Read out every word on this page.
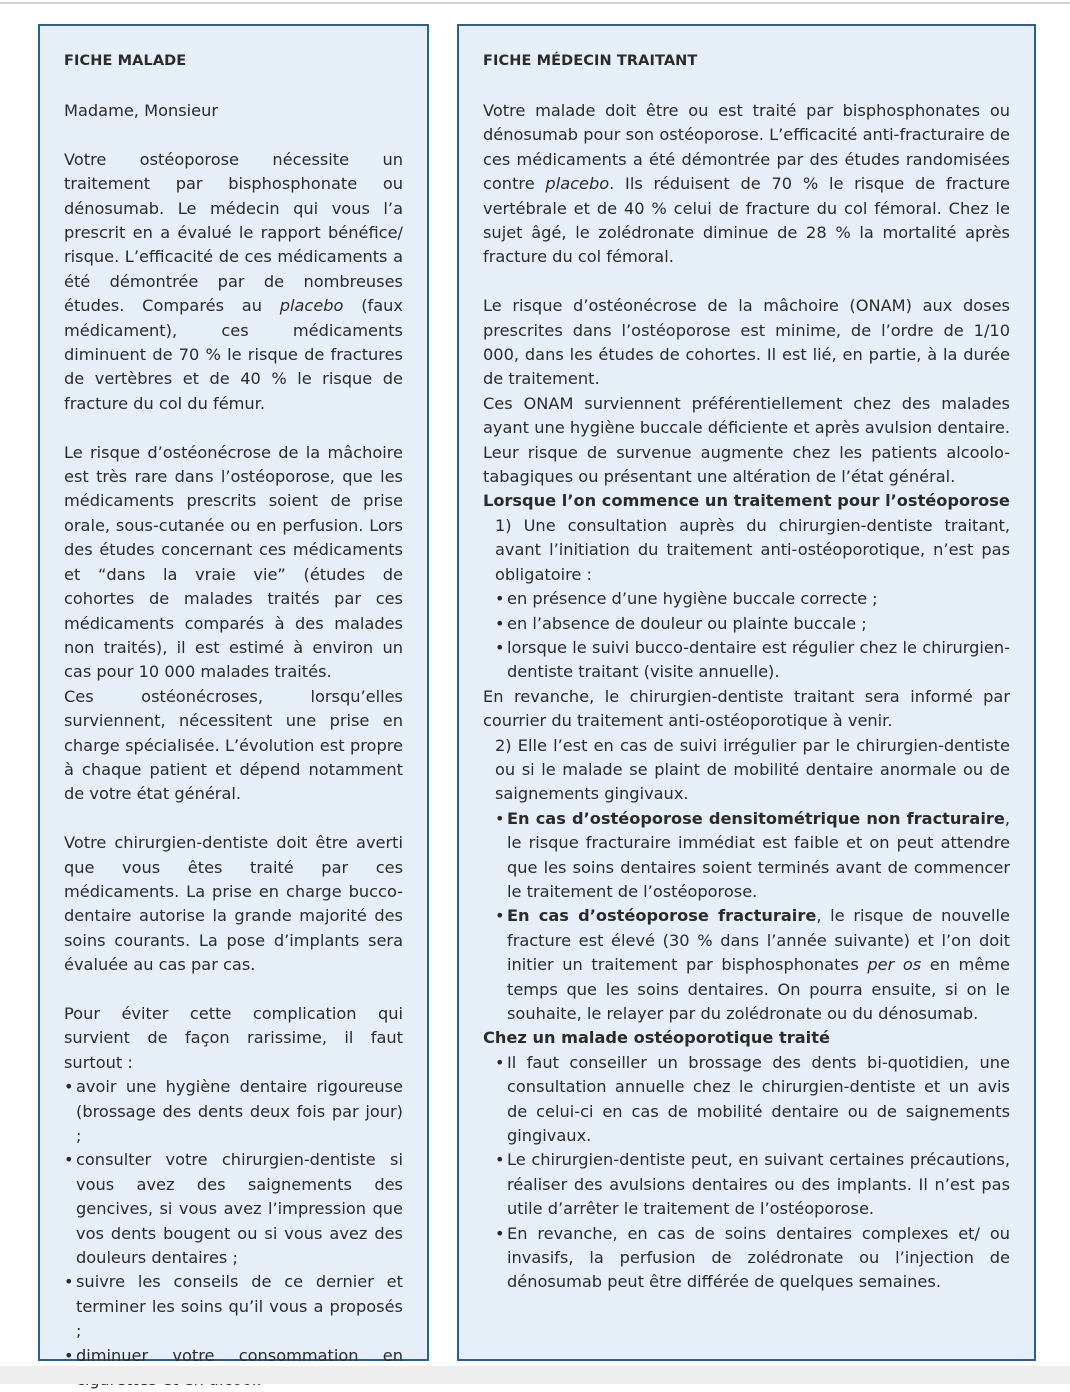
FICHE MALADE

Madame, Monsieur

Votre ostéoporose nécessite un traitement par bisphosphonate ou dénosumab. Le médecin qui vous l’a prescrit en a évalué le rapport bénéfice/ risque. L’efficacité de ces médicaments a été démontrée par de nombreuses études. Comparés au placebo (faux médicament), ces médicaments diminuent de 70 % le risque de fractures de vertèbres et de 40 % le risque de fracture du col du fémur.

Le risque d’ostéonécrose de la mâchoire est très rare dans l’ostéoporose, que les médicaments prescrits soient de prise orale, sous-cutanée ou en perfusion. Lors des études concernant ces médicaments et “dans la vraie vie” (études de cohortes de malades traités par ces médicaments comparés à des malades non traités), il est estimé à environ un cas pour 10 000 malades traités.

Ces ostéonécroses, lorsqu’elles surviennent, nécessitent une prise en charge spécialisée. L’évolution est propre à chaque patient et dépend notamment de votre état général.

Votre chirurgien-dentiste doit être averti que vous êtes traité par ces médicaments. La prise en charge bucco-dentaire autorise la grande majorité des soins courants. La pose d’implants sera évaluée au cas par cas.

Pour éviter cette complication qui survient de façon rarissime, il faut surtout :

• avoir une hygiène dentaire rigoureuse (brossage des dents deux fois par jour) ;
• consulter votre chirurgien-dentiste si vous avez des saignements des gencives, si vous avez l’impression que vos dents bougent ou si vous avez des douleurs dentaires ;
• suivre les conseils de ce dernier et terminer les soins qu’il vous a proposés ;
• diminuer votre consommation en
FICHE MÉDECIN TRAITANT

Votre malade doit être ou est traité par bisphosphonates ou dénosumab pour son ostéoporose. L’efficacité anti-fracturaire de ces médicaments a été démontrée par des études randomisées contre placebo. Ils réduisent de 70 % le risque de fracture vertébrale et de 40 % celui de fracture du col fémoral. Chez le sujet âgé, le zolédronate diminue de 28 % la mortalité après fracture du col fémoral.

Le risque d’ostéonécrose de la mâchoire (ONAM) aux doses prescrites dans l’ostéoporose est minime, de l’ordre de 1/10 000, dans les études de cohortes. Il est lié, en partie, à la durée de traitement.

Ces ONAM surviennent préférentiellement chez des malades ayant une hygiène buccale déficiente et après avulsion dentaire. Leur risque de survenue augmente chez les patients alcoolo-tabagiques ou présentant une altération de l’état général.

Lorsque l’on commence un traitement pour l’ostéoporose

1) Une consultation auprès du chirurgien-dentiste traitant, avant l’initiation du traitement anti-ostéoporotique, n’est pas obligatoire :

• en présence d’une hygiène buccale correcte ;
• en l’absence de douleur ou plainte buccale ;
• lorsque le suivi bucco-dentaire est régulier chez le chirurgien-dentiste traitant (visite annuelle).

En revanche, le chirurgien-dentiste traitant sera informé par courrier du traitement anti-ostéoporotique à venir.

2) Elle l’est en cas de suivi irrégulier par le chirurgien-dentiste ou si le malade se plaint de mobilité dentaire anormale ou de saignements gingivaux.

• En cas d’ostéoporose densitométrique non fracturaire, le risque fracturaire immédiat est faible et on peut attendre que les soins dentaires soient terminés avant de commencer le traitement de l’ostéoporose.
• En cas d’ostéoporose fracturaire, le risque de nouvelle fracture est élevé (30 % dans l’année suivante) et l’on doit initier un traitement par bisphosphonates per os en même temps que les soins dentaires. On pourra ensuite, si on le souhaite, le relayer par du zolédronate ou du dénosumab.

Chez un malade ostéoporotique traité

• Il faut conseiller un brossage des dents bi-quotidien, une consultation annuelle chez le chirurgien-dentiste et un avis de celui-ci en cas de mobilité dentaire ou de saignements gingivaux.
• Le chirurgien-dentiste peut, en suivant certaines précautions, réaliser des avulsions dentaires ou des implants. Il n’est pas utile d’arrêter le traitement de l’ostéoporose.
• En revanche, en cas de soins dentaires complexes et/ ou invasifs, la perfusion de zolédronate ou l’injection de dénosumab peut être différée de quelques semaines.
